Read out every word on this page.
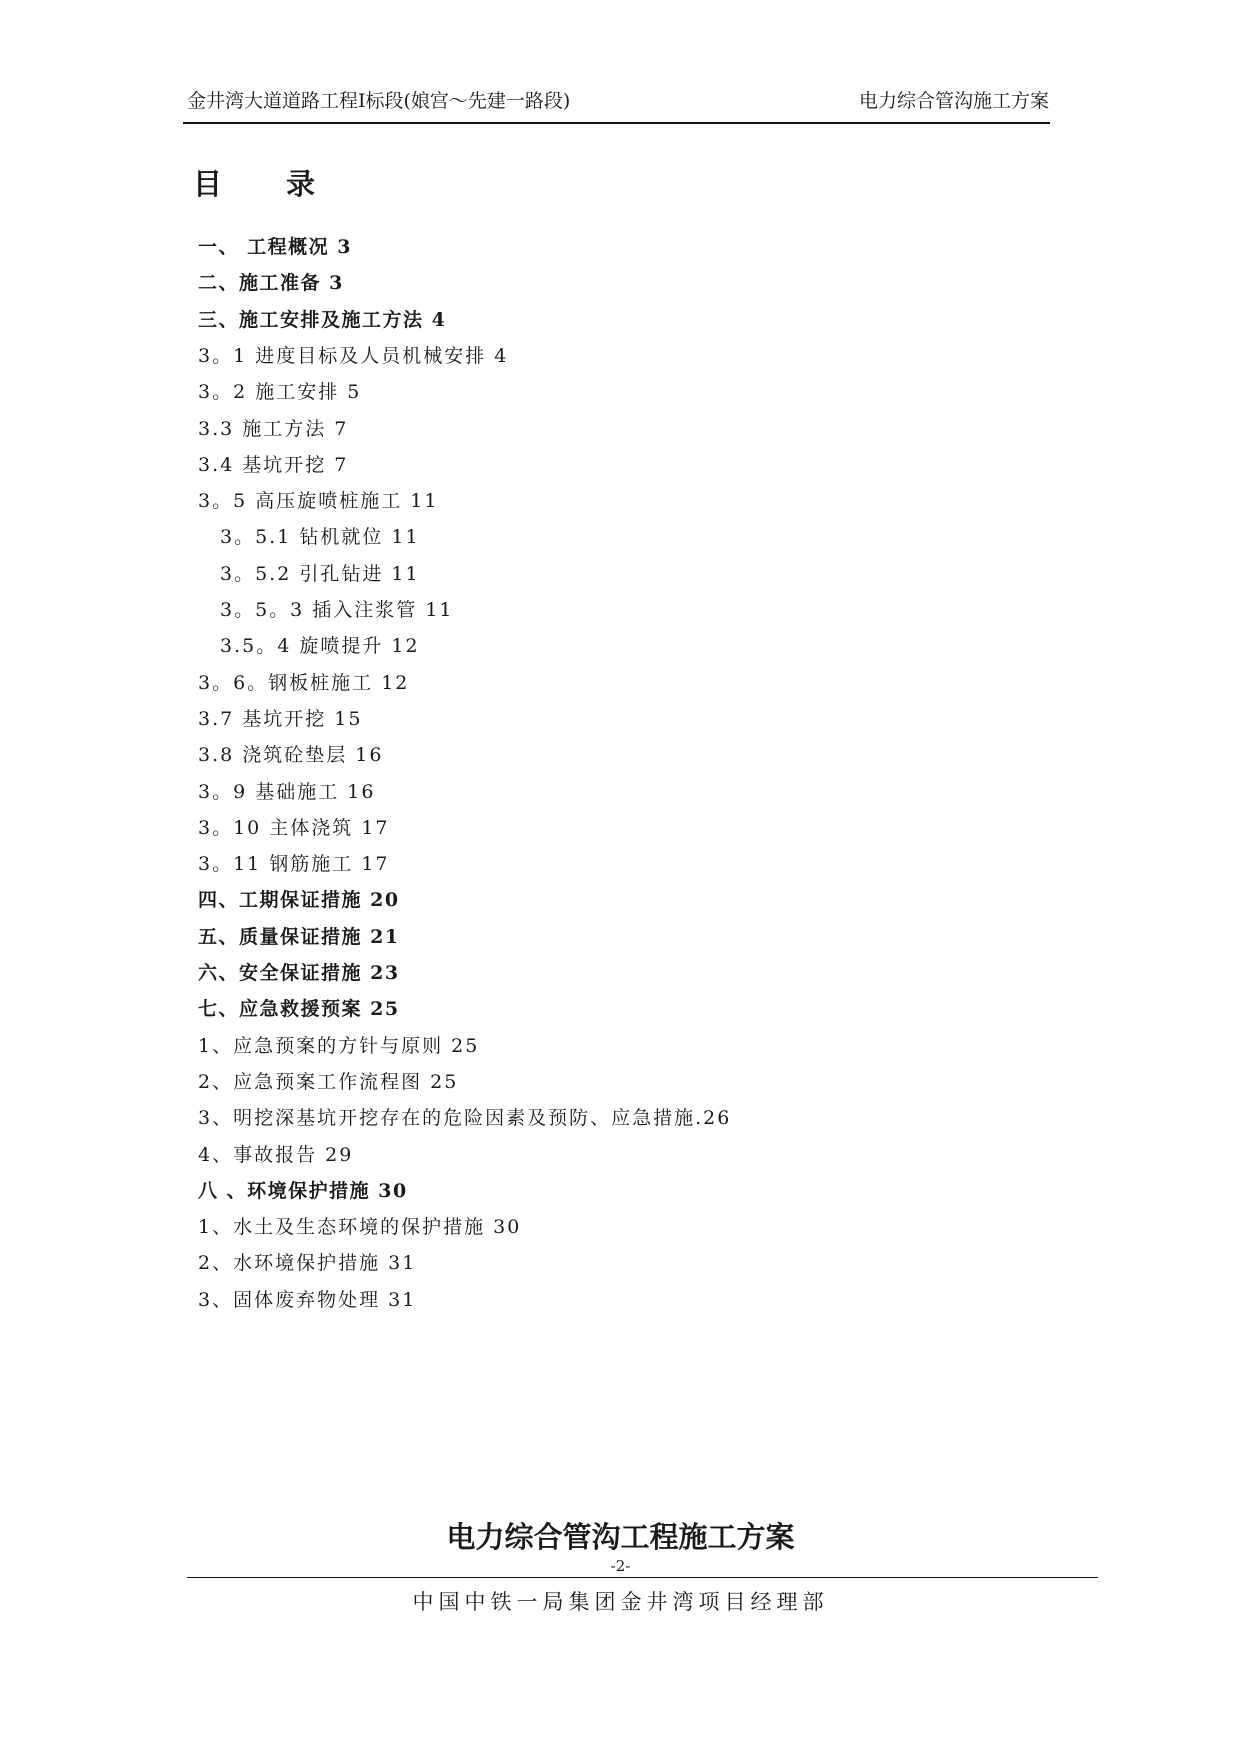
金井湾大道道路工程Ⅰ标段(娘宫～先建一路段)	电力综合管沟施工方案
目 录
一、 工程概况 3
二、施工准备 3
三、施工安排及施工方法 4
3。1 进度目标及人员机械安排 4
3。2 施工安排 5
3.3 施工方法 7
3.4 基坑开挖 7
3。5 高压旋喷桩施工 11
3。5.1 钻机就位 11
3。5.2 引孔钻进 11
3。5。3 插入注浆管 11
3.5。4 旋喷提升 12
3。6。钢板桩施工 12
3.7 基坑开挖 15
3.8 浇筑砼垫层 16
3。9 基础施工 16
3。10 主体浇筑 17
3。11 钢筋施工 17
四、工期保证措施 20
五、质量保证措施 21
六、安全保证措施 23
七、应急救援预案 25
1、应急预案的方针与原则 25
2、应急预案工作流程图 25
3、明挖深基坑开挖存在的危险因素及预防、应急措施.26
4、事故报告 29
八 、环境保护措施 30
1、水土及生态环境的保护措施 30
2、水环境保护措施 31
3、固体废弃物处理 31
电力综合管沟工程施工方案
-2-
中国中铁一局集团金井湾项目经理部
